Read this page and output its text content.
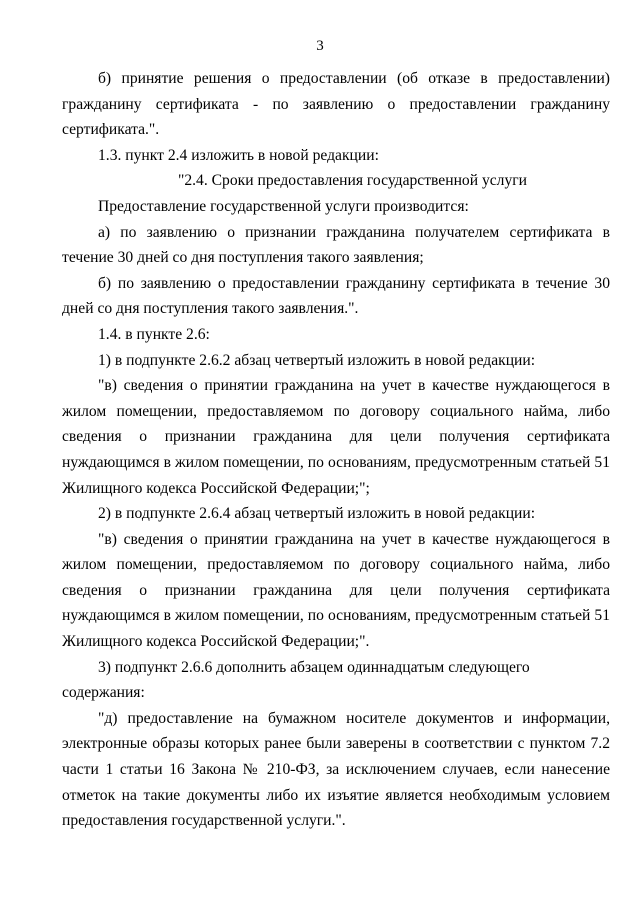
3

б) принятие решения о предоставлении (об отказе в предоставлении) гражданину сертификата - по заявлению о предоставлении гражданину сертификата.".

1.3. пункт 2.4 изложить в новой редакции:

"2.4. Сроки предоставления государственной услуги

Предоставление государственной услуги производится:

а) по заявлению о признании гражданина получателем сертификата в течение 30 дней со дня поступления такого заявления;

б) по заявлению о предоставлении гражданину сертификата в течение 30 дней со дня поступления такого заявления.".

1.4. в пункте 2.6:

1) в подпункте 2.6.2 абзац четвертый изложить в новой редакции:

"в) сведения о принятии гражданина на учет в качестве нуждающегося в жилом помещении, предоставляемом по договору социального найма, либо сведения о признании гражданина для цели получения сертификата нуждающимся в жилом помещении, по основаниям, предусмотренным статьей 51 Жилищного кодекса Российской Федерации;";

2) в подпункте 2.6.4 абзац четвертый изложить в новой редакции:

"в) сведения о принятии гражданина на учет в качестве нуждающегося в жилом помещении, предоставляемом по договору социального найма, либо сведения о признании гражданина для цели получения сертификата нуждающимся в жилом помещении, по основаниям, предусмотренным статьей 51 Жилищного кодекса Российской Федерации;".

3) подпункт 2.6.6 дополнить абзацем одиннадцатым следующего содержания:

"д) предоставление на бумажном носителе документов и информации, электронные образы которых ранее были заверены в соответствии с пунктом 7.2 части 1 статьи 16 Закона № 210-ФЗ, за исключением случаев, если нанесение отметок на такие документы либо их изъятие является необходимым условием предоставления государственной услуги.".
